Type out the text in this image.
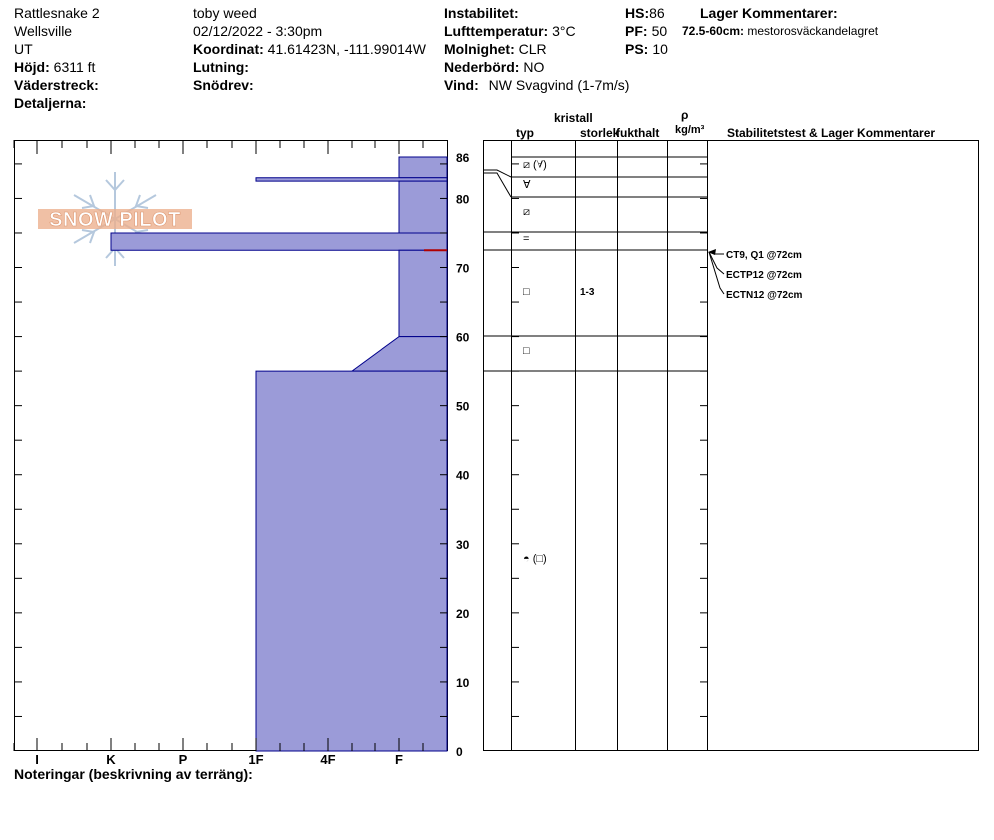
Rattlesnake 2
Wellsville
UT
Höjd: 6311 ft
Väderstreck:
Detaljerna:
toby weed
02/12/2022 - 3:30pm
Koordinat: 41.61423N, -111.99014W
Lutning:
Snödrev:
Instabilitet:
Lufttemperatur: 3°C
Molnighet: CLR
Nederbörd: NO
Vind: NW Svagvind (1-7m/s)
HS:86
PF: 50
PS: 10
Lager Kommentarer:
72.5-60cm: mestorosväckandelagret
SNOW PILOT
I	K	P	1F	4F	F
86
80
70
60
50
40
30
20
10
0
kristall
typ	storlek
fukthalt
ρ
kg/m³ Stabilitetstest & Lager Kommentarer
⧄ (∀)
∀
⧄
=
□	1-3
□
◓ (□)
CT9, Q1 @72cm
ECTP12 @72cm
ECTN12 @72cm
Noteringar (beskrivning av terräng):
